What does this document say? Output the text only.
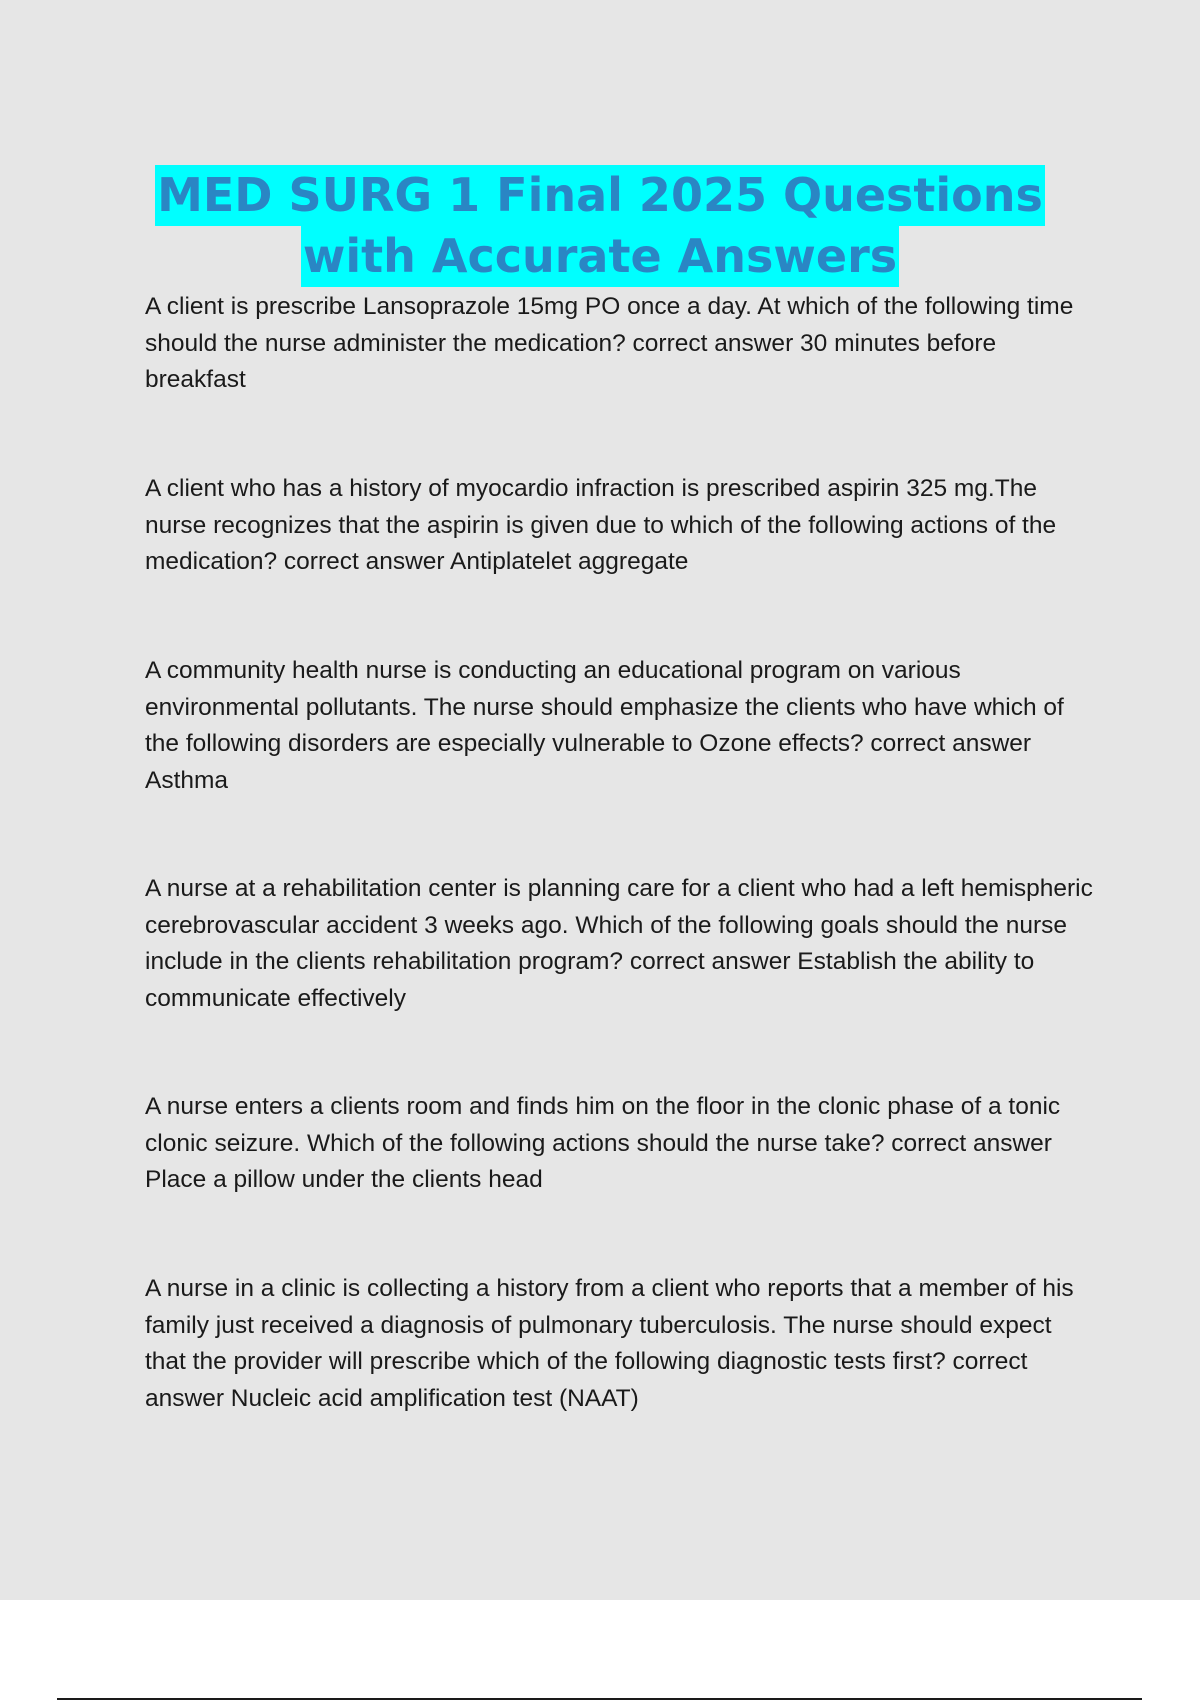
MED SURG 1 Final 2025 Questions
with Accurate Answers

A client is prescribe Lansoprazole 15mg PO once a day. At which of the following time should the nurse administer the medication? correct answer 30 minutes before breakfast

A client who has a history of myocardio infraction is prescribed aspirin 325 mg.The nurse recognizes that the aspirin is given due to which of the following actions of the medication? correct answer Antiplatelet aggregate

A community health nurse is conducting an educational program on various environmental pollutants. The nurse should emphasize the clients who have which of the following disorders are especially vulnerable to Ozone effects? correct answer Asthma

A nurse at a rehabilitation center is planning care for a client who had a left hemispheric cerebrovascular accident 3 weeks ago. Which of the following goals should the nurse include in the clients rehabilitation program? correct answer Establish the ability to communicate effectively

A nurse enters a clients room and finds him on the floor in the clonic phase of a tonic clonic seizure. Which of the following actions should the nurse take? correct answer Place a pillow under the clients head

A nurse in a clinic is collecting a history from a client who reports that a member of his family just received a diagnosis of pulmonary tuberculosis. The nurse should expect that the provider will prescribe which of the following diagnostic tests first? correct answer Nucleic acid amplification test (NAAT)
